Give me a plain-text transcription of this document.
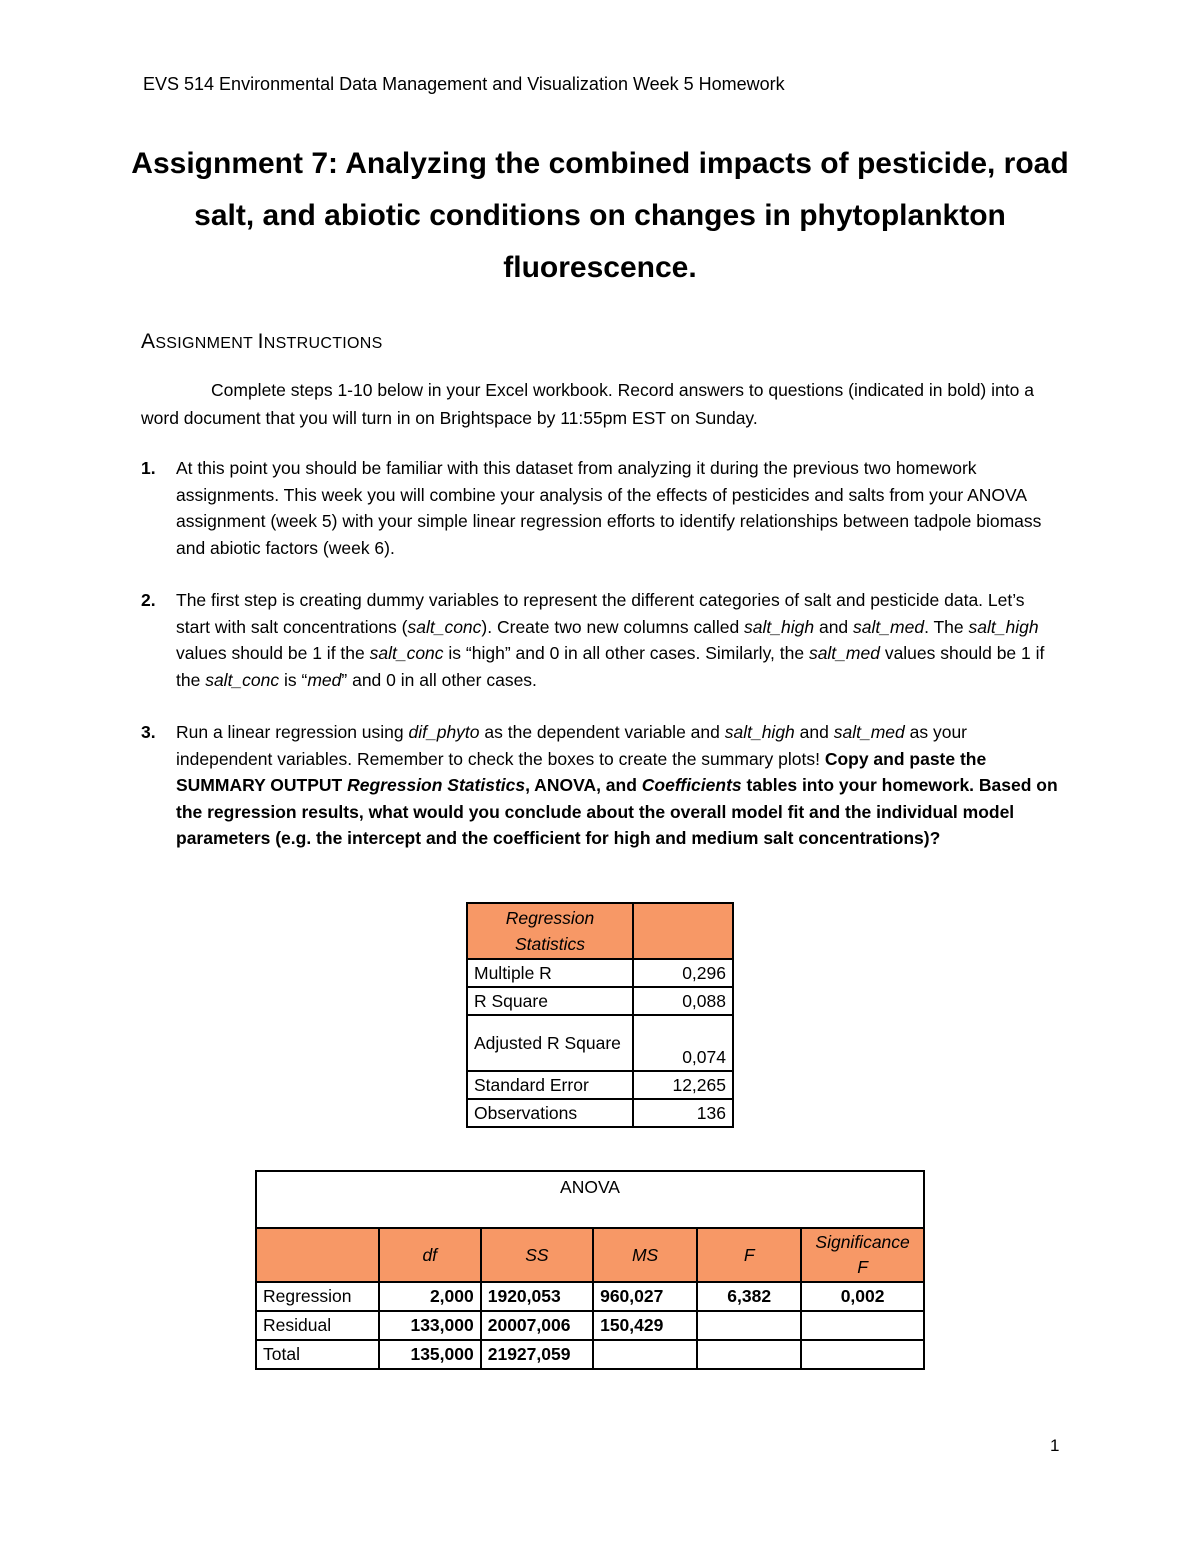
EVS 514 Environmental Data Management and Visualization Week 5 Homework
Assignment 7: Analyzing the combined impacts of pesticide, road salt, and abiotic conditions on changes in phytoplankton fluorescence.
ASSIGNMENT INSTRUCTIONS
Complete steps 1-10 below in your Excel workbook. Record answers to questions (indicated in bold) into a word document that you will turn in on Brightspace by 11:55pm EST on Sunday.
1. At this point you should be familiar with this dataset from analyzing it during the previous two homework assignments. This week you will combine your analysis of the effects of pesticides and salts from your ANOVA assignment (week 5) with your simple linear regression efforts to identify relationships between tadpole biomass and abiotic factors (week 6).
2. The first step is creating dummy variables to represent the different categories of salt and pesticide data. Let’s start with salt concentrations (salt_conc). Create two new columns called salt_high and salt_med. The salt_high values should be 1 if the salt_conc is “high” and 0 in all other cases. Similarly, the salt_med values should be 1 if the salt_conc is “med” and 0 in all other cases.
3. Run a linear regression using dif_phyto as the dependent variable and salt_high and salt_med as your independent variables. Remember to check the boxes to create the summary plots! Copy and paste the SUMMARY OUTPUT Regression Statistics, ANOVA, and Coefficients tables into your homework. Based on the regression results, what would you conclude about the overall model fit and the individual model parameters (e.g. the intercept and the coefficient for high and medium salt concentrations)?
Regression Statistics	
Multiple R	0,296
R Square	0,088
Adjusted R Square	0,074
Standard Error	12,265
Observations	136
ANOVA					
	df	SS	MS	F	Significance F
Regression	2,000	1920,053	960,027	6,382	0,002
Residual	133,000	20007,006	150,429		
Total	135,000	21927,059			
1
